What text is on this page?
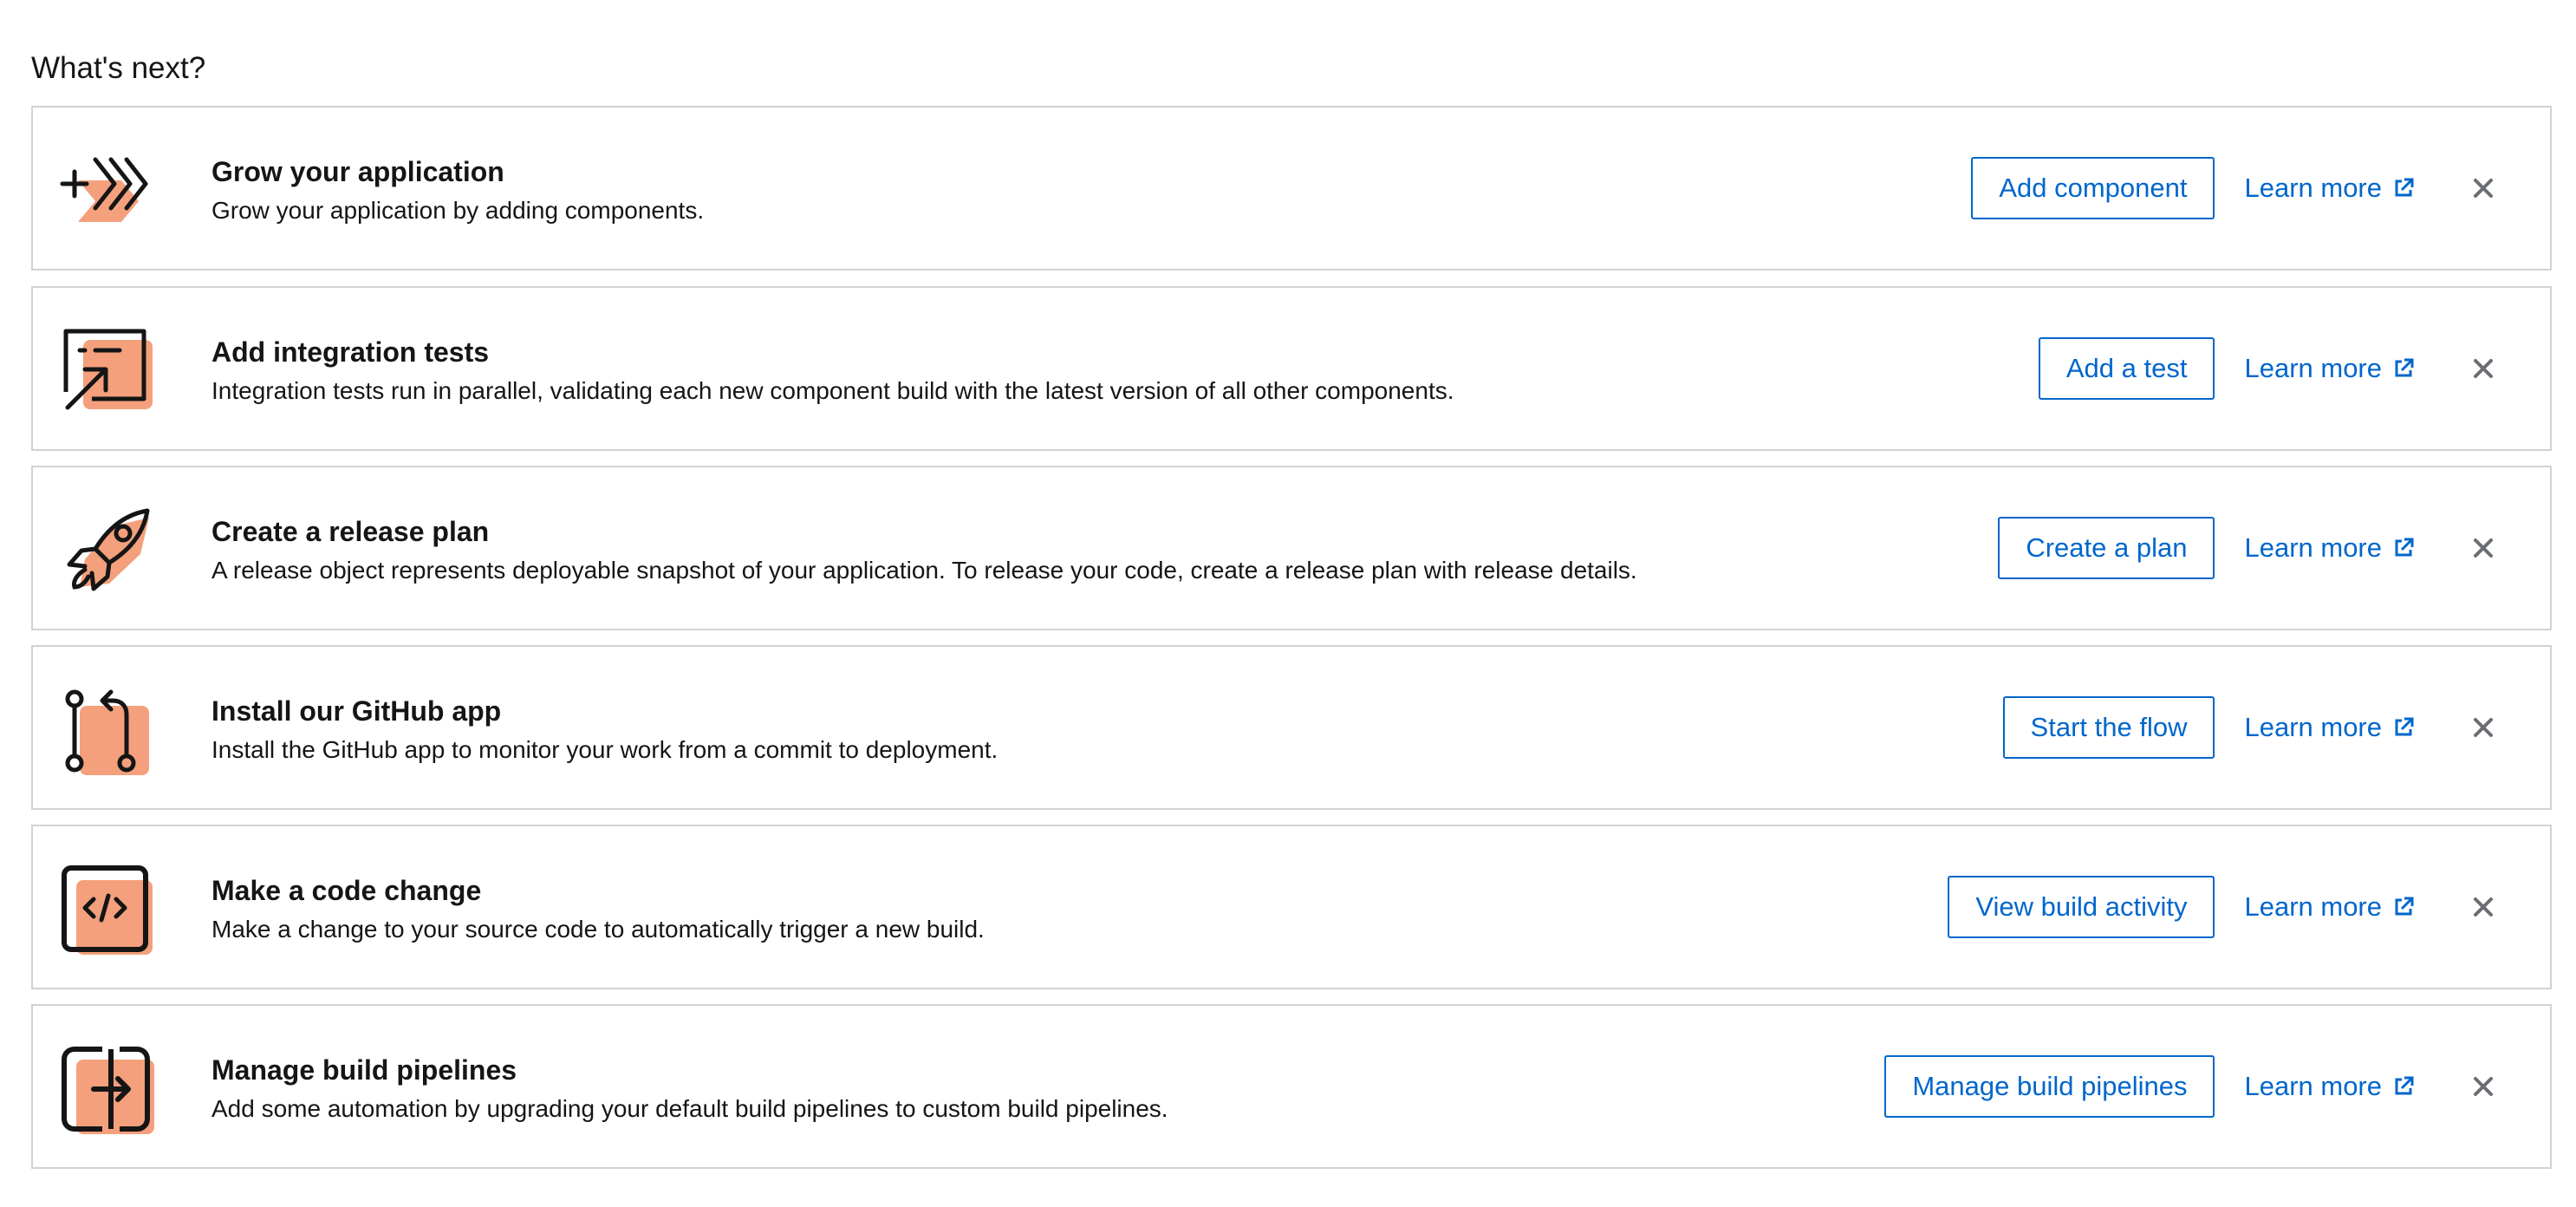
What's next?

Grow your application

Grow your application by adding components.

Add component	Learn more

Add integration tests

Integration tests run in parallel, validating each new component build with the latest version of all other components.

Add a test	Learn more

Create a release plan

A release object represents deployable snapshot of your application. To release your code, create a release plan with release details.

Create a plan	Learn more

Install our GitHub app

Install the GitHub app to monitor your work from a commit to deployment.

Start the flow	Learn more

Make a code change

Make a change to your source code to automatically trigger a new build.

View build activity	Learn more

Manage build pipelines

Add some automation by upgrading your default build pipelines to custom build pipelines.

Manage build pipelines	Learn more
